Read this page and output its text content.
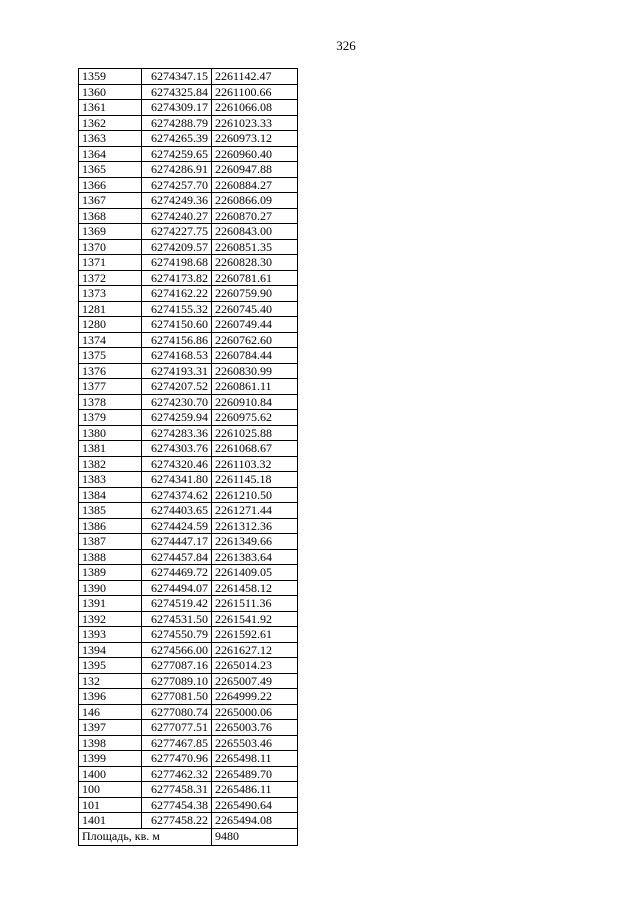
326
1359	6274347.15	2261142.47
1360	6274325.84	2261100.66
1361	6274309.17	2261066.08
1362	6274288.79	2261023.33
1363	6274265.39	2260973.12
1364	6274259.65	2260960.40
1365	6274286.91	2260947.88
1366	6274257.70	2260884.27
1367	6274249.36	2260866.09
1368	6274240.27	2260870.27
1369	6274227.75	2260843.00
1370	6274209.57	2260851.35
1371	6274198.68	2260828.30
1372	6274173.82	2260781.61
1373	6274162.22	2260759.90
1281	6274155.32	2260745.40
1280	6274150.60	2260749.44
1374	6274156.86	2260762.60
1375	6274168.53	2260784.44
1376	6274193.31	2260830.99
1377	6274207.52	2260861.11
1378	6274230.70	2260910.84
1379	6274259.94	2260975.62
1380	6274283.36	2261025.88
1381	6274303.76	2261068.67
1382	6274320.46	2261103.32
1383	6274341.80	2261145.18
1384	6274374.62	2261210.50
1385	6274403.65	2261271.44
1386	6274424.59	2261312.36
1387	6274447.17	2261349.66
1388	6274457.84	2261383.64
1389	6274469.72	2261409.05
1390	6274494.07	2261458.12
1391	6274519.42	2261511.36
1392	6274531.50	2261541.92
1393	6274550.79	2261592.61
1394	6274566.00	2261627.12
1395	6277087.16	2265014.23
132	6277089.10	2265007.49
1396	6277081.50	2264999.22
146	6277080.74	2265000.06
1397	6277077.51	2265003.76
1398	6277467.85	2265503.46
1399	6277470.96	2265498.11
1400	6277462.32	2265489.70
100	6277458.31	2265486.11
101	6277454.38	2265490.64
1401	6277458.22	2265494.08
Площадь, кв. м		9480
